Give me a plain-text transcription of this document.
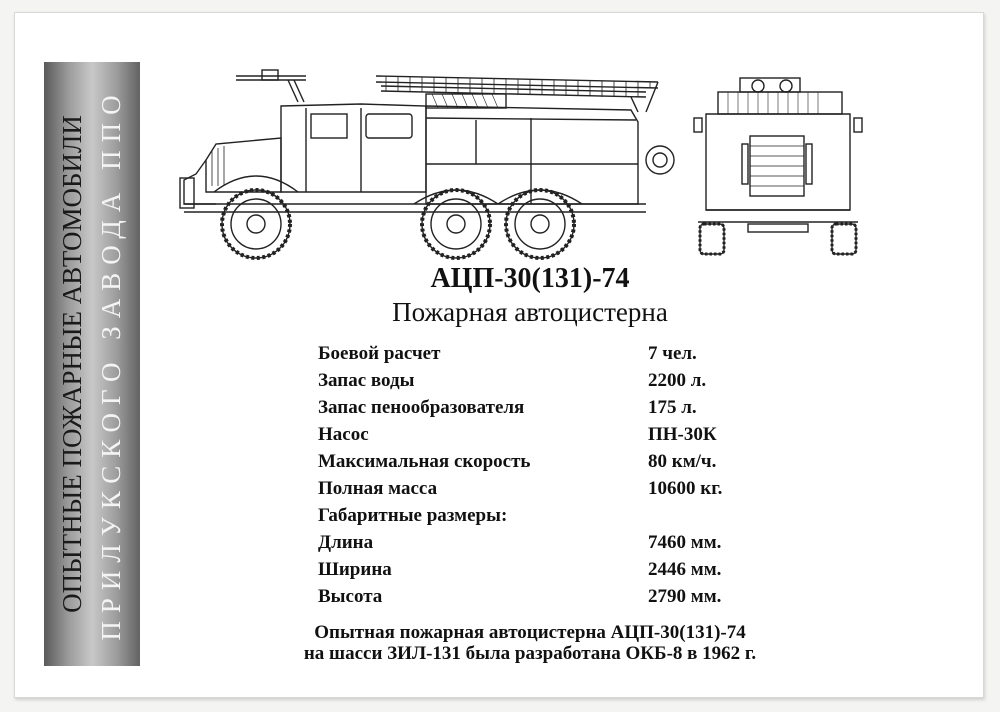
ОПЫТНЫЕ ПОЖАРНЫЕ АВТОМОБИЛИ ПРИЛУКСКОГО ЗАВОДА ППО	АЦП-30(131)-74
Пожарная автоцистерна
Боевой расчет	7 чел.
Запас воды	2200 л.
Запас пенообразователя	175 л.
Насос	ПН-30К
Максимальная скорость	80 км/ч.
Полная масса	10600 кг.
Габаритные размеры:	
Длина	7460 мм.
Ширина	2446 мм.
Высота	2790 мм.
Опытная пожарная автоцистерна АЦП-30(131)-74
на шасси ЗИЛ-131 была разработана ОКБ-8 в 1962 г.
